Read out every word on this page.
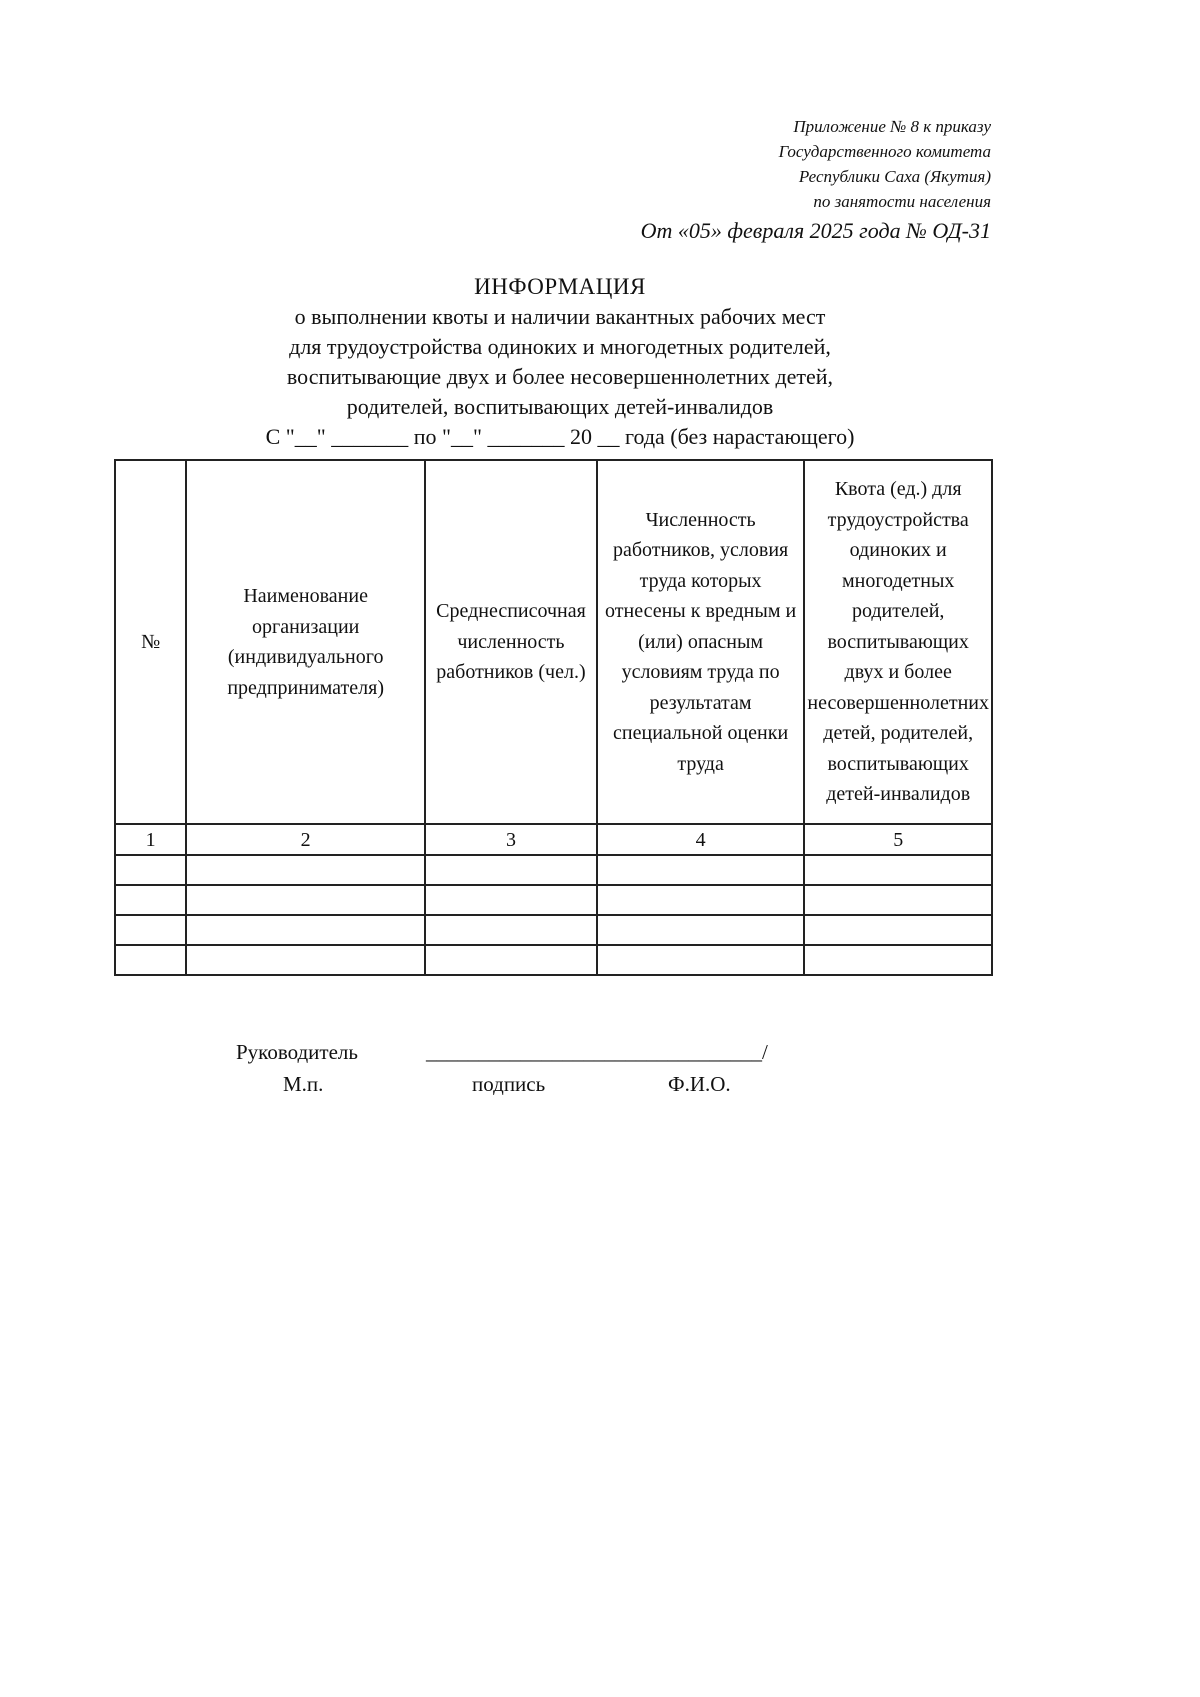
Приложение № 8 к приказу
Государственного комитета
Республики Саха (Якутия)
по занятости населения
От «05» февраля 2025 года № ОД-31
ИНФОРМАЦИЯ
о выполнении квоты и наличии вакантных рабочих мест
для трудоустройства одиноких и многодетных родителей,
воспитывающие двух и более несовершеннолетних детей,
родителей, воспитывающих детей-инвалидов
С "__" _______ по "__" _______ 20 __ года (без нарастающего)
№	Наименование организации (индивидуального предпринимателя)	Среднесписочная численность работников (чел.)	Численность работников, условия труда которых отнесены к вредным и (или) опасным условиям труда по результатам специальной оценки труда	Квота (ед.) для трудоустройства одиноких и многодетных родителей, воспитывающих двух и более несовершеннолетних детей, родителей, воспитывающих детей-инвалидов
1	2	3	4	5

Руководитель	________________________________/
М.п.	подпись	Ф.И.О.
